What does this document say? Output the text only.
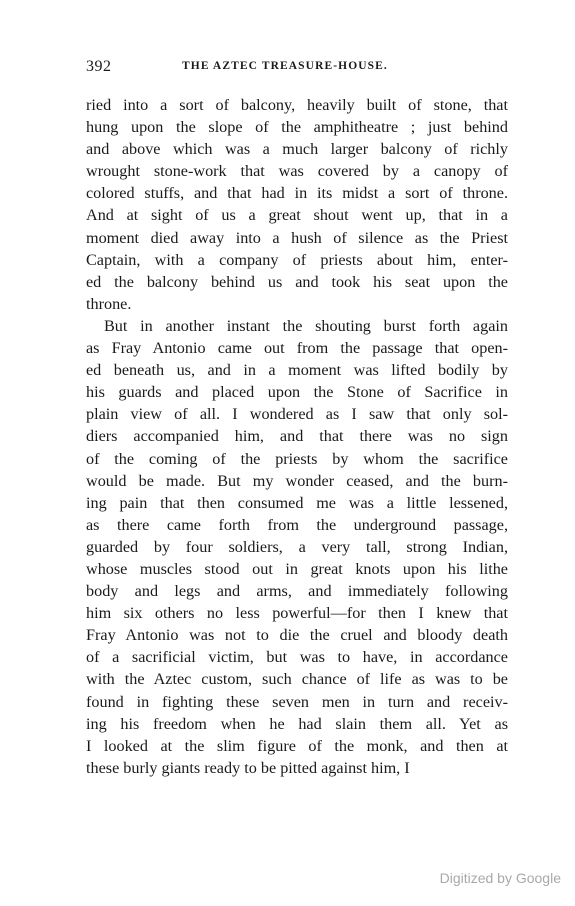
392	THE AZTEC TREASURE-HOUSE.
ried into a sort of balcony, heavily built of stone, that
hung upon the slope of the amphitheatre ; just behind
and above which was a much larger balcony of richly
wrought stone-work that was covered by a canopy of
colored stuffs, and that had in its midst a sort of throne.
And at sight of us a great shout went up, that in a
moment died away into a hush of silence as the Priest
Captain, with a company of priests about him, enter-
ed the balcony behind us and took his seat upon the
throne.
But in another instant the shouting burst forth again
as Fray Antonio came out from the passage that open-
ed beneath us, and in a moment was lifted bodily by
his guards and placed upon the Stone of Sacrifice in
plain view of all. I wondered as I saw that only sol-
diers accompanied him, and that there was no sign
of the coming of the priests by whom the sacrifice
would be made. But my wonder ceased, and the burn-
ing pain that then consumed me was a little lessened,
as there came forth from the underground passage,
guarded by four soldiers, a very tall, strong Indian,
whose muscles stood out in great knots upon his lithe
body and legs and arms, and immediately following
him six others no less powerful—for then I knew that
Fray Antonio was not to die the cruel and bloody death
of a sacrificial victim, but was to have, in accordance
with the Aztec custom, such chance of life as was to be
found in fighting these seven men in turn and receiv-
ing his freedom when he had slain them all. Yet as
I looked at the slim figure of the monk, and then at
these burly giants ready to be pitted against him, I
Digitized by Google
